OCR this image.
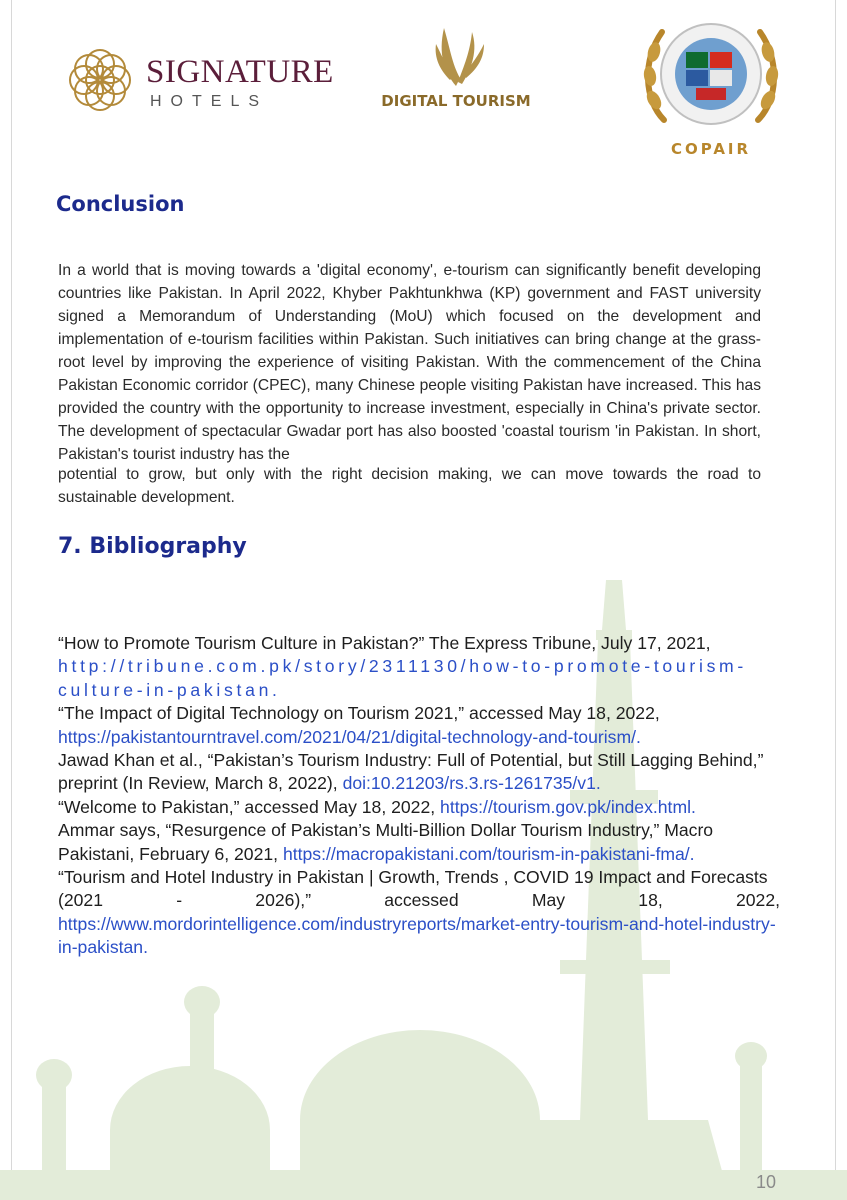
SIGNATURE
HOTELS	DIGITAL TOURISM
COPAIR
Conclusion

In a world that is moving towards a 'digital economy', e-tourism can significantly benefit developing countries like Pakistan. In April 2022, Khyber Pakhtunkhwa (KP) government and FAST university signed a Memorandum of Understanding (MoU) which focused on the development and implementation of e-tourism facilities within Pakistan. Such initiatives can bring change at the grass-root level by improving the experience of visiting Pakistan. With the commencement of the China Pakistan Economic corridor (CPEC), many Chinese people visiting Pakistan have increased. This has provided the country with the opportunity to increase investment, especially in China's private sector. The development of spectacular Gwadar port has also boosted 'coastal tourism 'in Pakistan. In short, Pakistan's tourist industry has the

potential to grow, but only with the right decision making, we can move towards the road to sustainable development.

7. Bibliography

“How to Promote Tourism Culture in Pakistan?” The Express Tribune, July 17, 2021,

http://tribune.com.pk/story/2311130/how-to-promote-tourism-culture-in-pakistan.

“The Impact of Digital Technology on Tourism 2021,” accessed May 18, 2022,

https://pakistantourntravel.com/2021/04/21/digital-technology-and-tourism/.

Jawad Khan et al., “Pakistan’s Tourism Industry: Full of Potential, but Still Lagging Behind,”

preprint (In Review, March 8, 2022), doi:10.21203/rs.3.rs-1261735/v1.

“Welcome to Pakistan,” accessed May 18, 2022, https://tourism.gov.pk/index.html.

Ammar says, “Resurgence of Pakistan’s Multi-Billion Dollar Tourism Industry,” Macro

Pakistani, February 6, 2021, https://macropakistani.com/tourism-in-pakistani-fma/.

“Tourism and Hotel Industry in Pakistan | Growth, Trends , COVID 19 Impact and Forecasts

(2021 - 2026),” accessed May 18, 2022, https://www.mordorintelligence.com/industryreports/market-entry-tourism-and-hotel-industry-in-pakistan.

10
